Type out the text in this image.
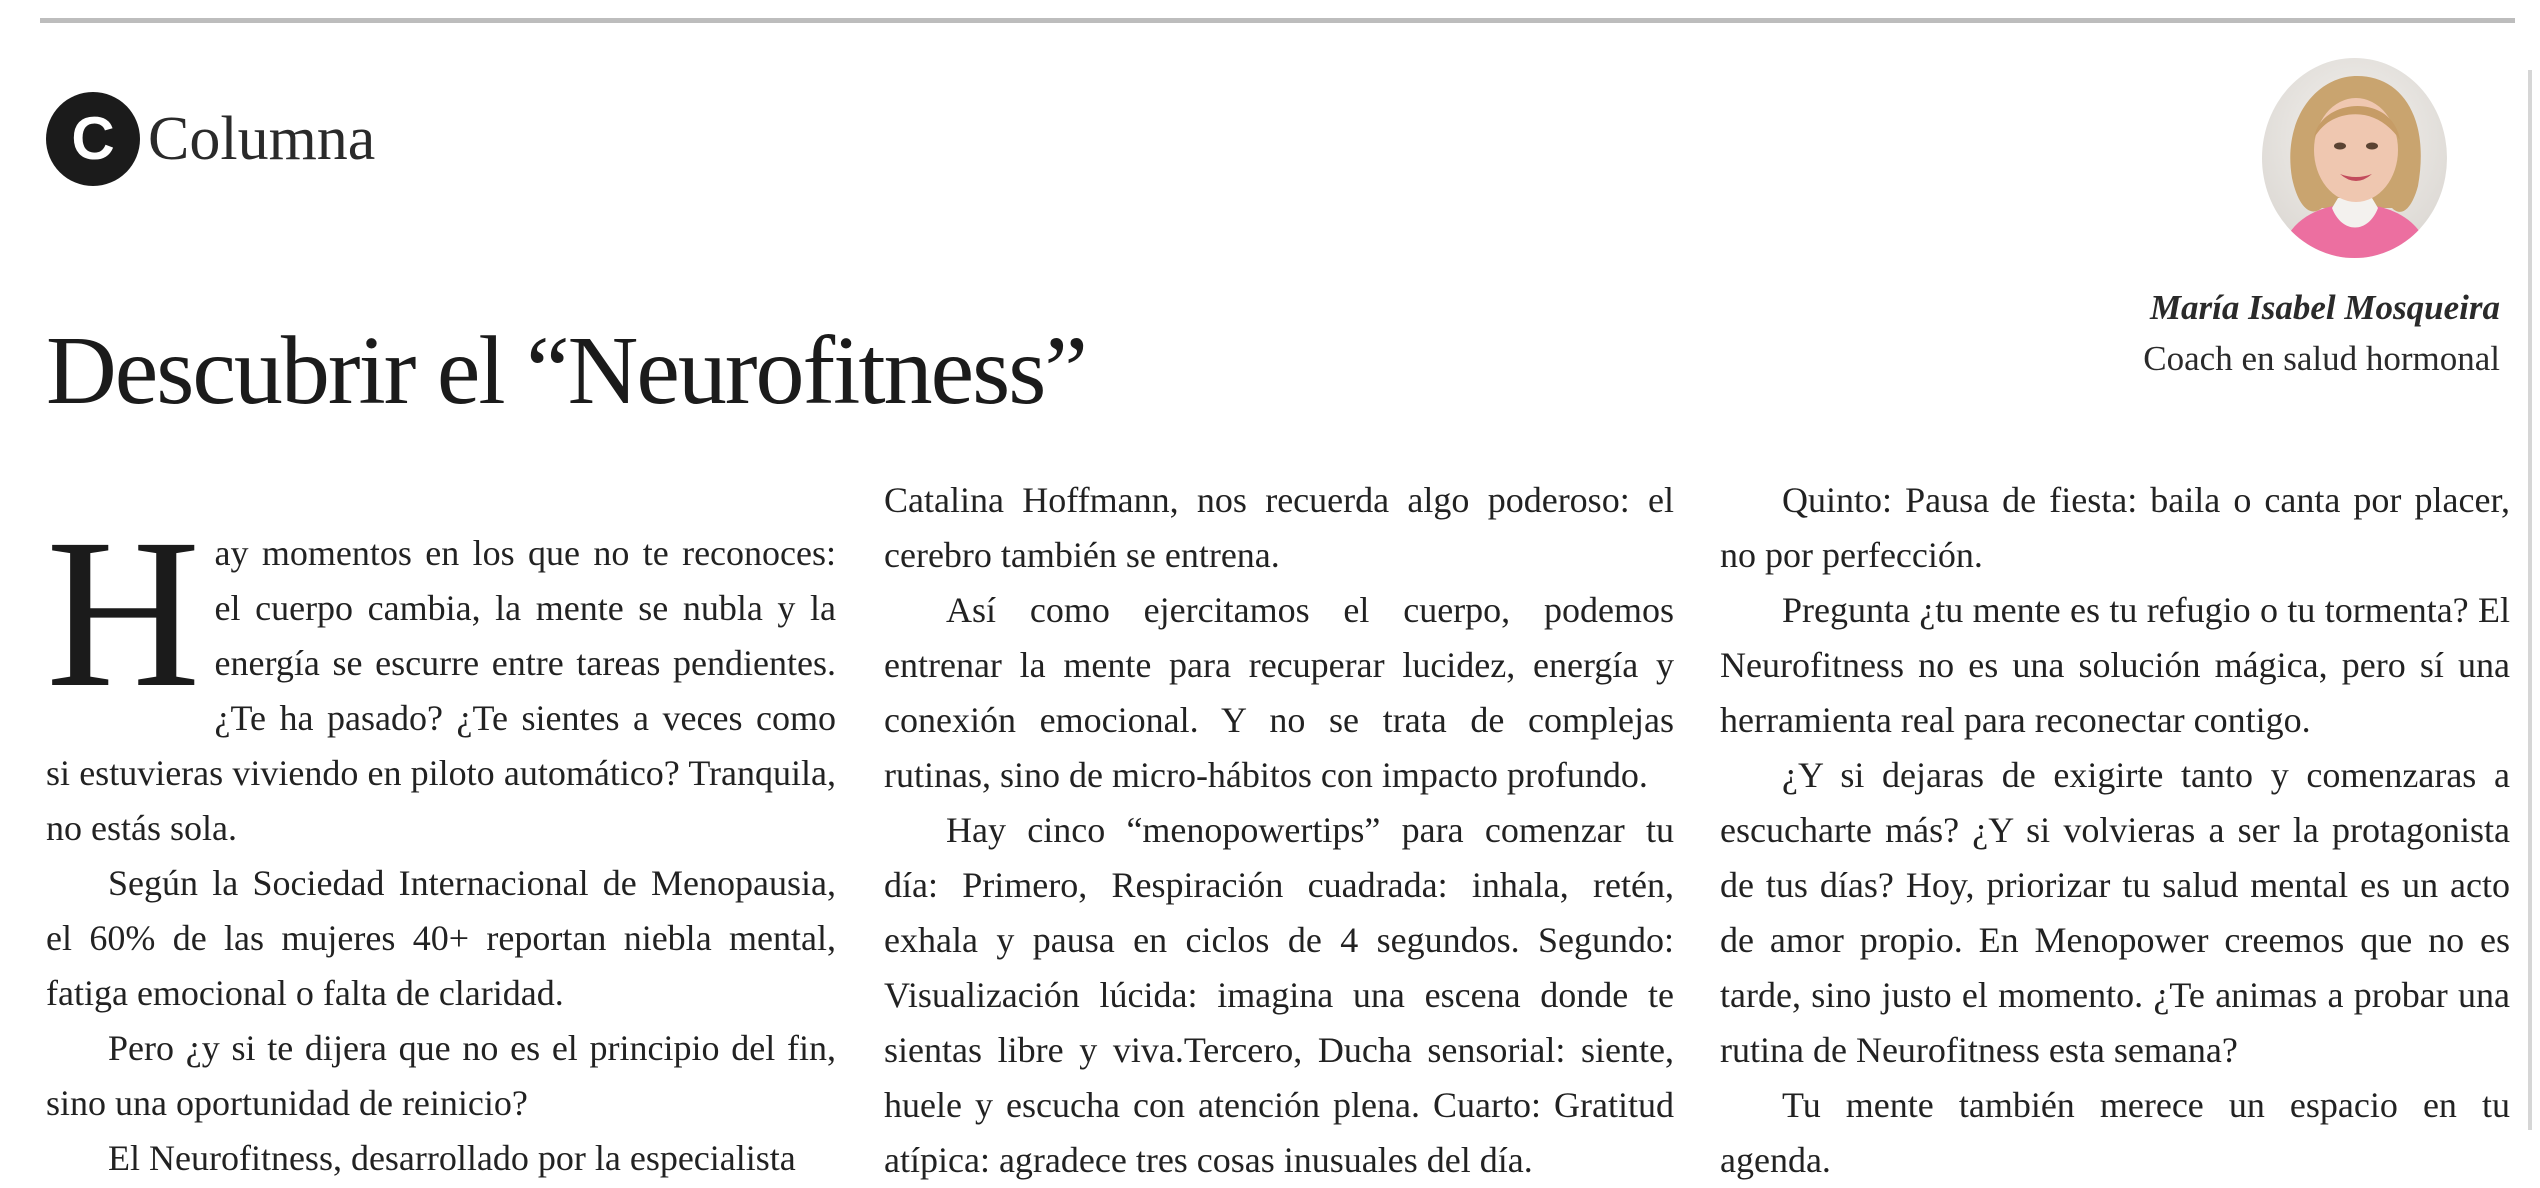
C Columna
Descubrir el “Neurofitness”
María Isabel Mosqueira
Coach en salud hormonal

Hay momentos en los que no te reconoces: el cuerpo cambia, la mente se nubla y la energía se escurre entre tareas pendientes. ¿Te ha pasado? ¿Te sientes a veces como si estuvieras viviendo en piloto automático? Tranquila, no estás sola.

Según la Sociedad Internacional de Menopausia, el 60% de las mujeres 40+ reportan niebla mental, fatiga emocional o falta de claridad.

Pero ¿y si te dijera que no es el principio del fin, sino una oportunidad de reinicio?

El Neurofitness, desarrollado por la especialista

Catalina Hoffmann, nos recuerda algo poderoso: el cerebro también se entrena.

Así como ejercitamos el cuerpo, podemos entrenar la mente para recuperar lucidez, energía y conexión emocional. Y no se trata de complejas rutinas, sino de micro-hábitos con impacto profundo.

Hay cinco “menopowertips” para comenzar tu día: Primero, Respiración cuadrada: inhala, retén, exhala y pausa en ciclos de 4 segundos. Segundo: Visualización lúcida: imagina una escena donde te sientas libre y viva.Tercero, Ducha sensorial: siente, huele y escucha con atención plena. Cuarto: Gratitud atípica: agradece tres cosas inusuales del día.

Quinto: Pausa de fiesta: baila o canta por placer, no por perfección.

Pregunta ¿tu mente es tu refugio o tu tormenta? El Neurofitness no es una solución mágica, pero sí una herramienta real para reconectar contigo.

¿Y si dejaras de exigirte tanto y comenzaras a escucharte más? ¿Y si volvieras a ser la protagonista de tus días? Hoy, priorizar tu salud mental es un acto de amor propio. En Menopower creemos que no es tarde, sino justo el momento. ¿Te animas a probar una rutina de Neurofitness esta semana?

Tu mente también merece un espacio en tu agenda.
